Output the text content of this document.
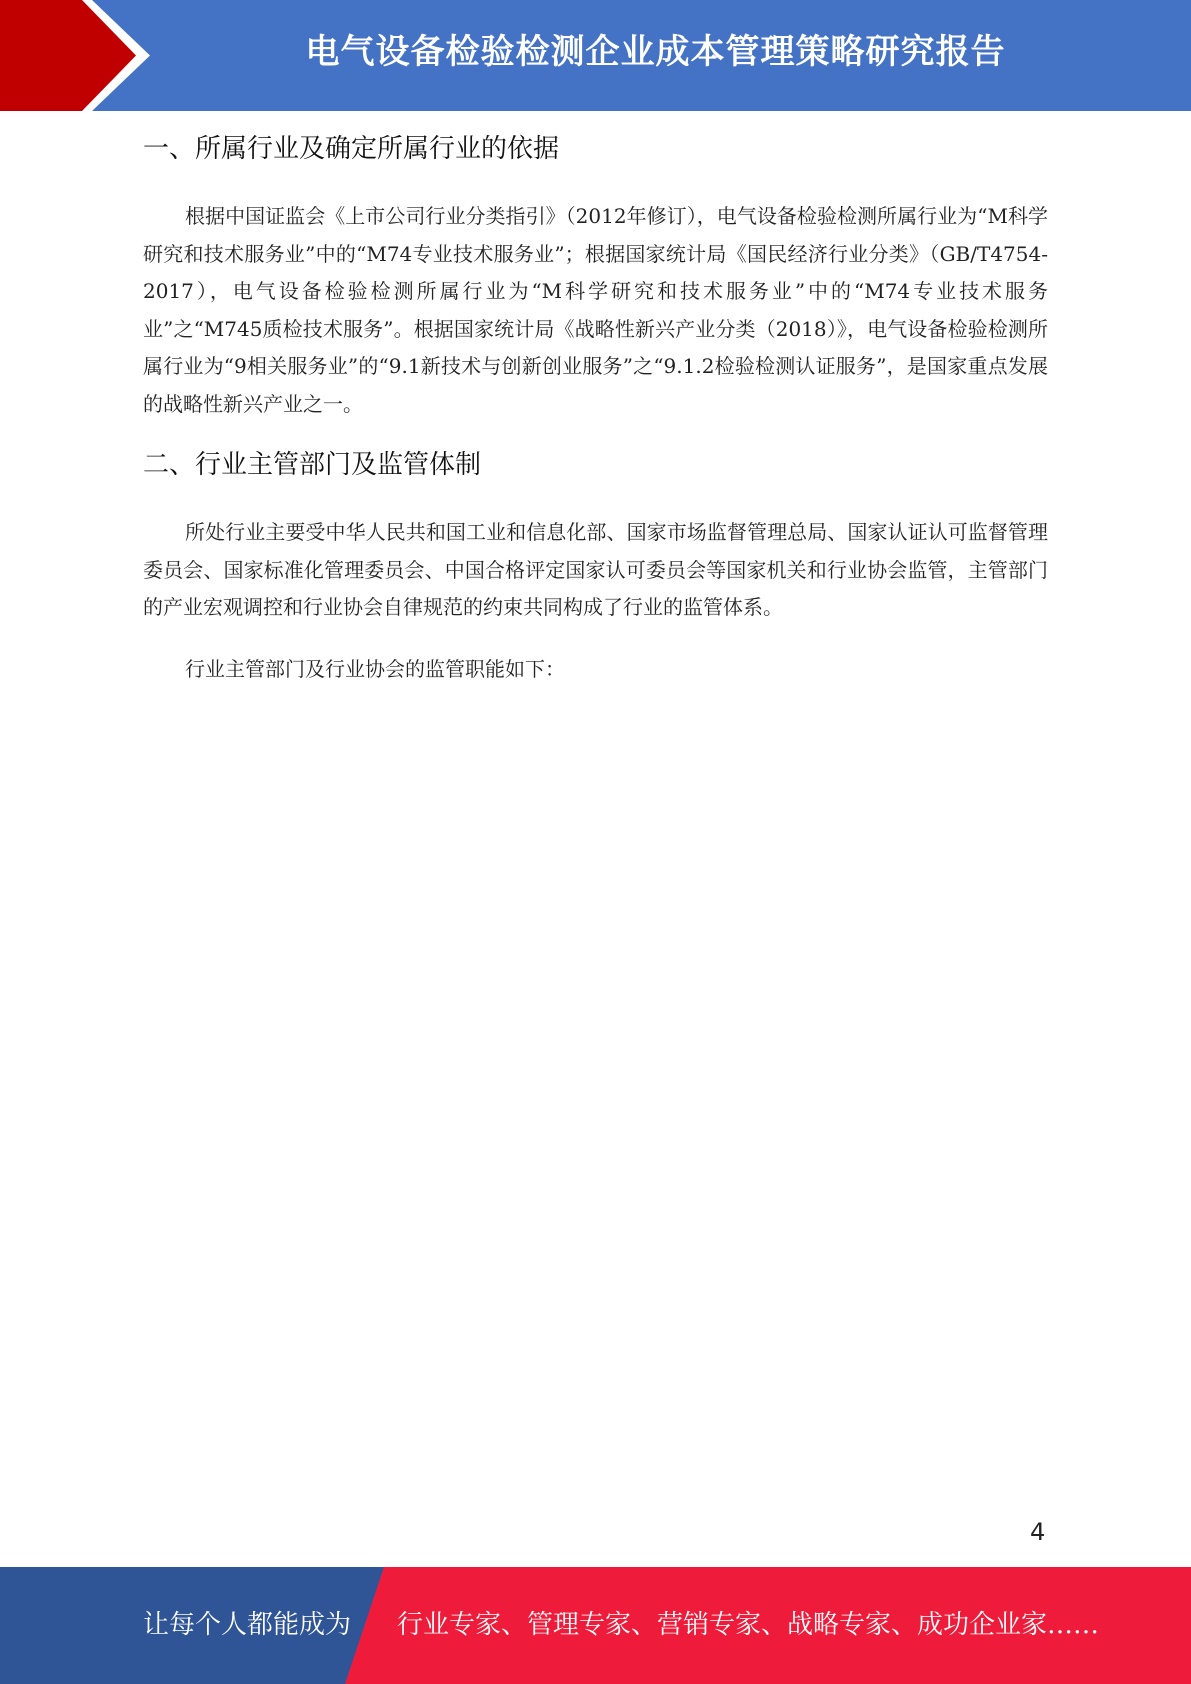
电气设备检验检测企业成本管理策略研究报告
一、所属行业及确定所属行业的依据

根据中国证监会《上市公司行业分类指引》（2012年修订），电气设备检验检测所属行业为“M科学研究和技术服务业”中的“M74专业技术服务业”；根据国家统计局《国民经济行业分类》（GB/T4754-2017），电气设备检验检测所属行业为“M科学研究和技术服务业”中的“M74专业技术服务业”之“M745质检技术服务”。根据国家统计局《战略性新兴产业分类（2018）》，电气设备检验检测所属行业为“9相关服务业”的“9.1新技术与创新创业服务”之“9.1.2检验检测认证服务”，是国家重点发展的战略性新兴产业之一。

二、行业主管部门及监管体制

所处行业主要受中华人民共和国工业和信息化部、国家市场监督管理总局、国家认证认可监督管理委员会、国家标准化管理委员会、中国合格评定国家认可委员会等国家机关和行业协会监管，主管部门的产业宏观调控和行业协会自律规范的约束共同构成了行业的监管体系。

行业主管部门及行业协会的监管职能如下：

4
让每个人都能成为 行业专家、管理专家、营销专家、战略专家、成功企业家……
